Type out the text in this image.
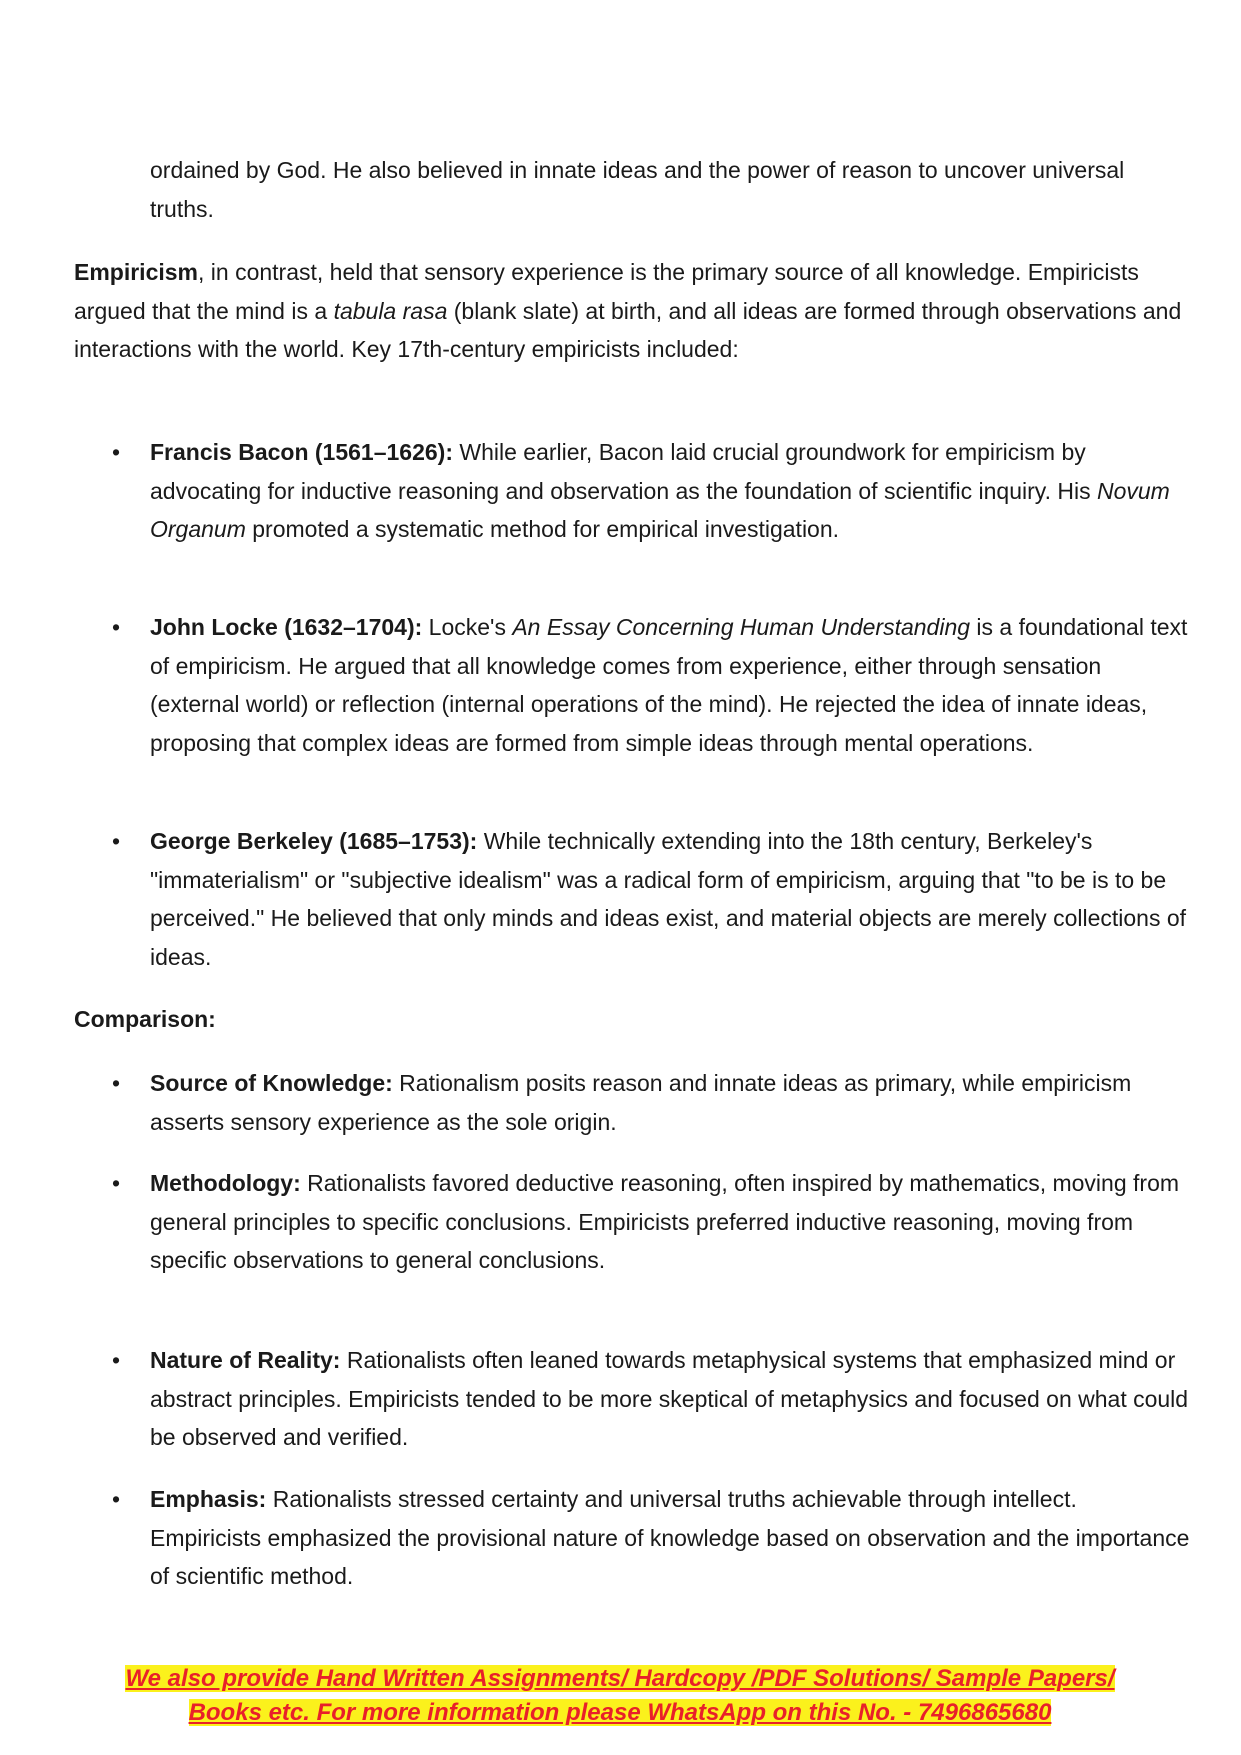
ordained by God. He also believed in innate ideas and the power of reason to uncover universal truths.

Empiricism, in contrast, held that sensory experience is the primary source of all knowledge. Empiricists argued that the mind is a tabula rasa (blank slate) at birth, and all ideas are formed through observations and interactions with the world. Key 17th-century empiricists included:

• Francis Bacon (1561–1626): While earlier, Bacon laid crucial groundwork for empiricism by advocating for inductive reasoning and observation as the foundation of scientific inquiry. His Novum Organum promoted a systematic method for empirical investigation.

• John Locke (1632–1704): Locke's An Essay Concerning Human Understanding is a foundational text of empiricism. He argued that all knowledge comes from experience, either through sensation (external world) or reflection (internal operations of the mind). He rejected the idea of innate ideas, proposing that complex ideas are formed from simple ideas through mental operations.

• George Berkeley (1685–1753): While technically extending into the 18th century, Berkeley's "immaterialism" or "subjective idealism" was a radical form of empiricism, arguing that "to be is to be perceived." He believed that only minds and ideas exist, and material objects are merely collections of ideas.

Comparison:

• Source of Knowledge: Rationalism posits reason and innate ideas as primary, while empiricism asserts sensory experience as the sole origin.

• Methodology: Rationalists favored deductive reasoning, often inspired by mathematics, moving from general principles to specific conclusions. Empiricists preferred inductive reasoning, moving from specific observations to general conclusions.

• Nature of Reality: Rationalists often leaned towards metaphysical systems that emphasized mind or abstract principles. Empiricists tended to be more skeptical of metaphysics and focused on what could be observed and verified.

• Emphasis: Rationalists stressed certainty and universal truths achievable through intellect. Empiricists emphasized the provisional nature of knowledge based on observation and the importance of scientific method.

We also provide Hand Written Assignments/ Hardcopy /PDF Solutions/ Sample Papers/
Books etc. For more information please WhatsApp on this No. - 7496865680
